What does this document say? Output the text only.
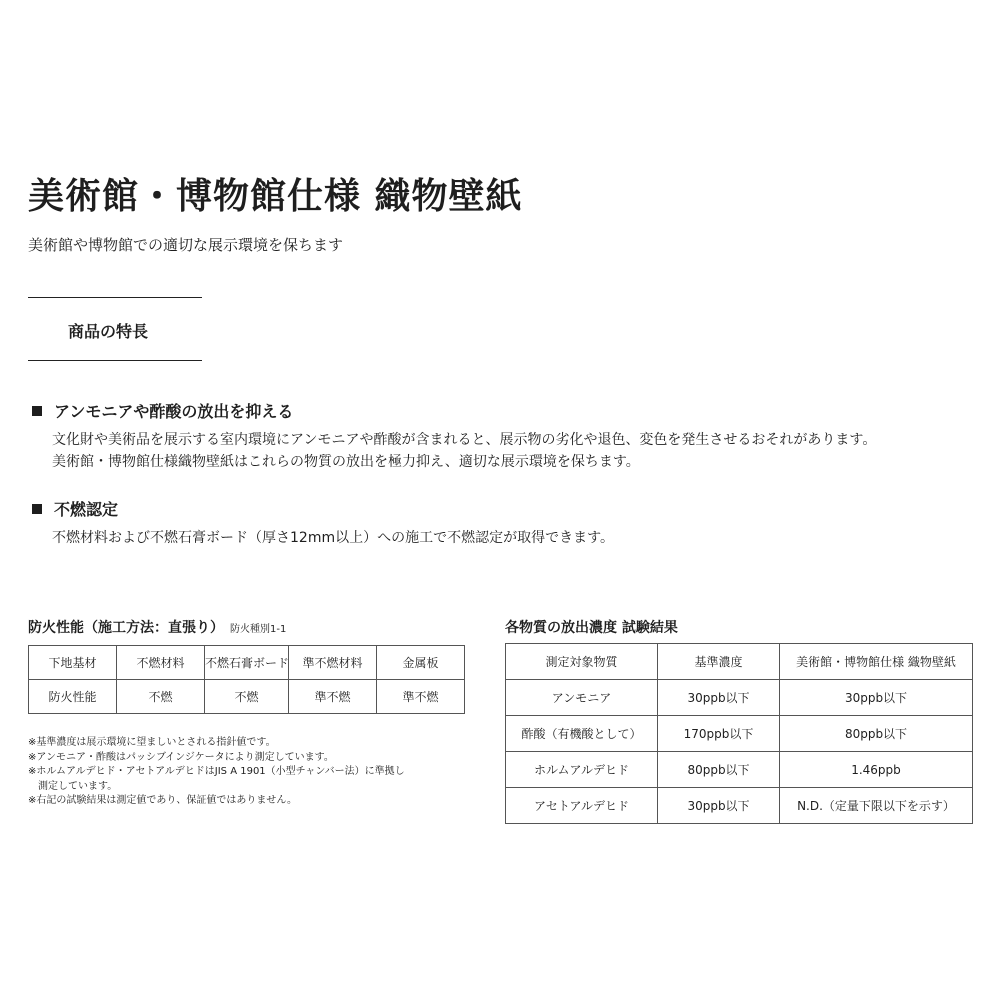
美術館・博物館仕様 織物壁紙
美術館や博物館での適切な展示環境を保ちます
商品の特長
アンモニアや酢酸の放出を抑える
文化財や美術品を展示する室内環境にアンモニアや酢酸が含まれると、展示物の劣化や退色、変色を発生させるおそれがあります。
美術館・博物館仕様織物壁紙はこれらの物質の放出を極力抑え、適切な展示環境を保ちます。
不燃認定
不燃材料および不燃石膏ボード（厚さ12mm以上）への施工で不燃認定が取得できます。
防火性能（施工方法：直張り） 防火種別1-1
下地基材	不燃材料	不燃石膏ボード	準不燃材料	金属板
防火性能	不燃	不燃	準不燃	準不燃
各物質の放出濃度 試験結果
測定対象物質	基準濃度	美術館・博物館仕様 織物壁紙
アンモニア	30ppb以下	30ppb以下
酢酸（有機酸として）	170ppb以下	80ppb以下
ホルムアルデヒド	80ppb以下	1.46ppb
アセトアルデヒド	30ppb以下	N.D.（定量下限以下を示す）
※基準濃度は展示環境に望ましいとされる指針値です。
※アンモニア・酢酸はパッシブインジケータにより測定しています。
※ホルムアルデヒド・アセトアルデヒドはJIS A 1901（小型チャンバー法）に準拠し
　測定しています。
※右記の試験結果は測定値であり、保証値ではありません。
